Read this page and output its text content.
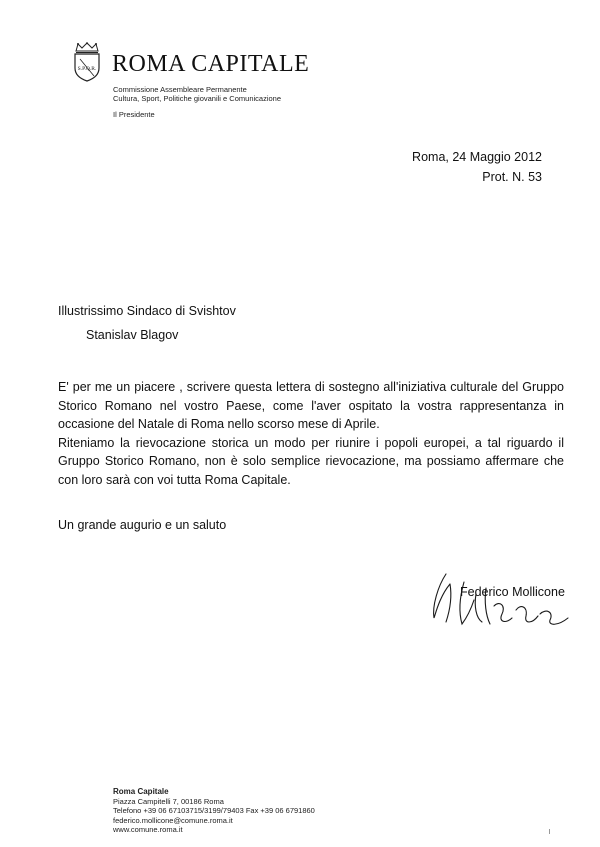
S.P.Q.R. ROMA CAPITALE
Commissione Assembleare Permanente
Cultura, Sport, Politiche giovanili e Comunicazione
Il Presidente
Roma, 24 Maggio 2012
Prot. N. 53
Illustrissimo Sindaco di Svishtov
Stanislav Blagov

E' per me un piacere , scrivere questa lettera di sostegno all'iniziativa culturale del Gruppo Storico Romano nel vostro Paese, come l'aver ospitato la vostra rappresentanza in occasione del Natale di Roma nello scorso mese di Aprile.

Riteniamo la rievocazione storica un modo per riunire i popoli europei, a tal riguardo il Gruppo Storico Romano, non è solo semplice rievocazione, ma possiamo affermare che con loro sarà con voi tutta Roma Capitale.

Un grande augurio e un saluto
Federico Mollicone
Roma Capitale
Piazza Campitelli 7, 00186 Roma
Telefono +39 06 67103715/3199/79403 Fax +39 06 6791860
federico.mollicone@comune.roma.it
www.comune.roma.it
